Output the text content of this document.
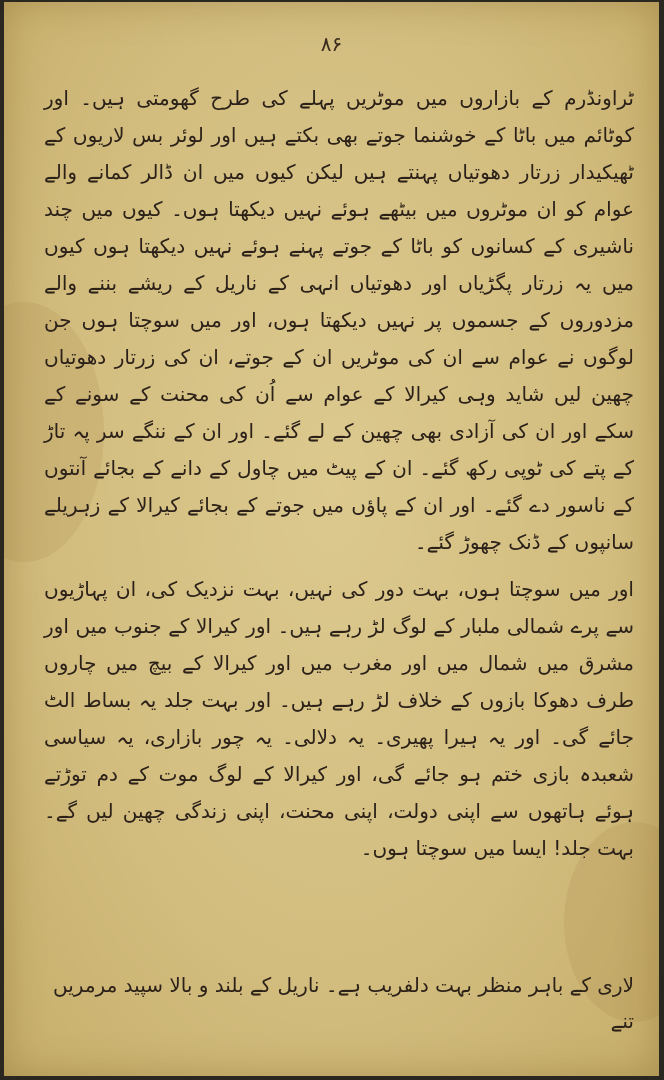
۸۶

ٹراونڈرم کے بازاروں میں موٹریں پہلے کی طرح گھومتی ہیں۔ اور کوٹائم میں باٹا کے خوشنما جوتے بھی بکتے ہیں اور لوئر بس لاریوں کے ٹھیکیدار زرتار دھوتیاں پہنتے ہیں لیکن کیوں میں ان ڈالر کمانے والے عوام کو ان موٹروں میں بیٹھے ہوئے نہیں دیکھتا ہوں۔ کیوں میں چند ناشیری کے کسانوں کو باٹا کے جوتے پہنے ہوئے نہیں دیکھتا ہوں کیوں میں یہ زرتار پگڑیاں اور دھوتیاں انہی کے ناریل کے ریشے بننے والے مزدوروں کے جسموں پر نہیں دیکھتا ہوں، اور میں سوچتا ہوں جن لوگوں نے عوام سے ان کی موٹریں ان کے جوتے، ان کی زرتار دھوتیاں چھین لیں شاید وہی کیرالا کے عوام سے اُن کی محنت کے سونے کے سکے اور ان کی آزادی بھی چھین کے لے گئے۔ اور ان کے ننگے سر پہ تاڑ کے پتے کی ٹوپی رکھ گئے۔ ان کے پیٹ میں چاول کے دانے کے بجائے آنتوں کے ناسور دے گئے۔ اور ان کے پاؤں میں جوتے کے بجائے کیرالا کے زہریلے سانپوں کے ڈنک چھوڑ گئے۔

اور میں سوچتا ہوں، بہت دور کی نہیں، بہت نزدیک کی، ان پہاڑیوں سے پرے شمالی ملبار کے لوگ لڑ رہے ہیں۔ اور کیرالا کے جنوب میں اور مشرق میں شمال میں اور مغرب میں اور کیرالا کے بیچ میں چاروں طرف دھوکا بازوں کے خلاف لڑ رہے ہیں۔ اور بہت جلد یہ بساط الٹ جائے گی۔ اور یہ ہیرا پھیری۔ یہ دلالی۔ یہ چور بازاری، یہ سیاسی شعبدہ بازی ختم ہو جائے گی، اور کیرالا کے لوگ موت کے دم توڑتے ہوئے ہاتھوں سے اپنی دولت، اپنی محنت، اپنی زندگی چھین لیں گے۔ بہت جلد! ایسا میں سوچتا ہوں۔

لاری کے باہر منظر بہت دلفریب ہے۔ ناریل کے بلند و بالا سپید مرمریں تنے
